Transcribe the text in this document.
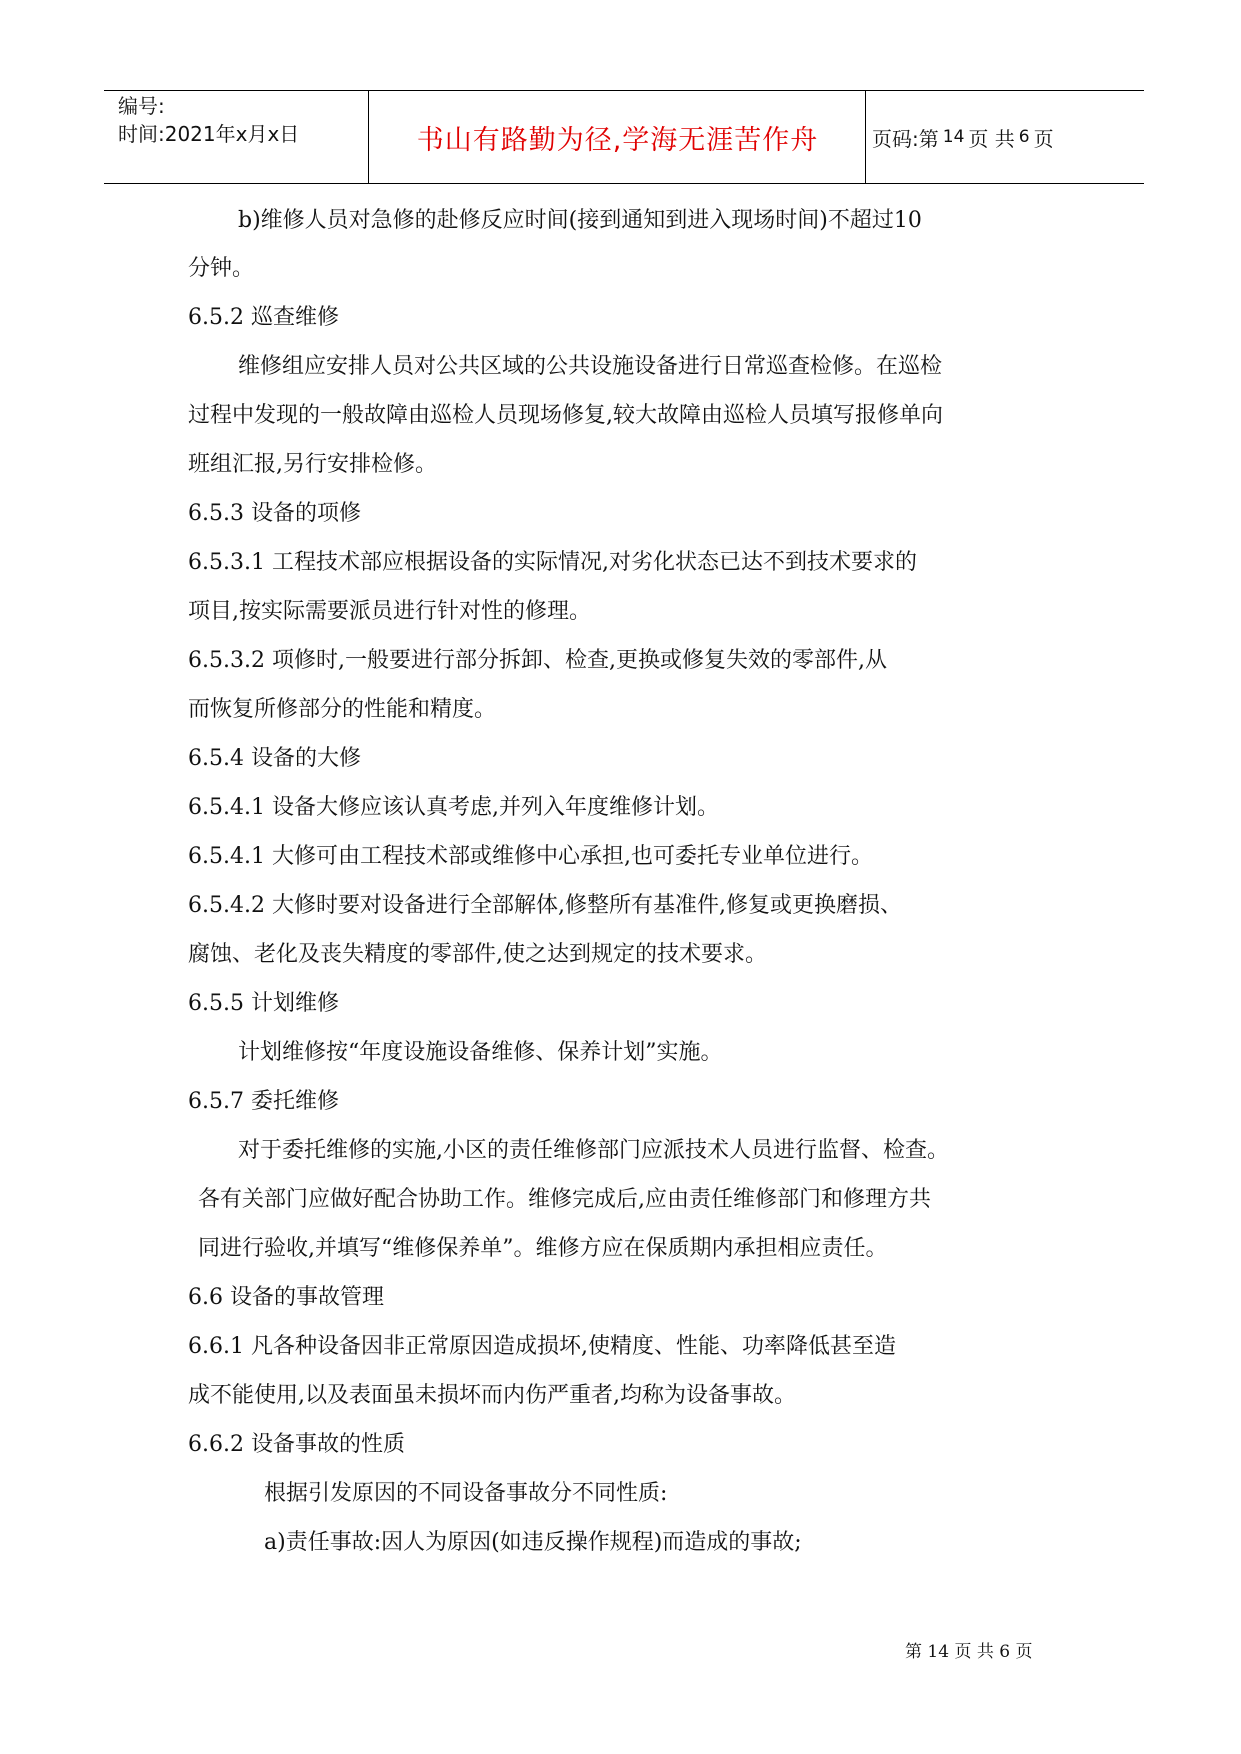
编号:
时间:2021年x月x日	书山有路勤为径,学海无涯苦作舟	页码:第 14 页 共 6 页
b)维修人员对急修的赴修反应时间(接到通知到进入现场时间)不超过10
分钟。
6.5.2 巡查维修
维修组应安排人员对公共区域的公共设施设备进行日常巡查检修。在巡检
过程中发现的一般故障由巡检人员现场修复,较大故障由巡检人员填写报修单向
班组汇报,另行安排检修。
6.5.3 设备的项修
6.5.3.1 工程技术部应根据设备的实际情况,对劣化状态已达不到技术要求的
项目,按实际需要派员进行针对性的修理。
6.5.3.2 项修时,一般要进行部分拆卸、检查,更换或修复失效的零部件,从
而恢复所修部分的性能和精度。
6.5.4 设备的大修
6.5.4.1 设备大修应该认真考虑,并列入年度维修计划。
6.5.4.1 大修可由工程技术部或维修中心承担,也可委托专业单位进行。
6.5.4.2 大修时要对设备进行全部解体,修整所有基准件,修复或更换磨损、
腐蚀、老化及丧失精度的零部件,使之达到规定的技术要求。
6.5.5 计划维修
计划维修按“年度设施设备维修、保养计划”实施。
6.5.7 委托维修
对于委托维修的实施,小区的责任维修部门应派技术人员进行监督、检查。
各有关部门应做好配合协助工作。维修完成后,应由责任维修部门和修理方共
同进行验收,并填写“维修保养单”。维修方应在保质期内承担相应责任。
6.6 设备的事故管理
6.6.1 凡各种设备因非正常原因造成损坏,使精度、性能、功率降低甚至造
成不能使用,以及表面虽未损坏而内伤严重者,均称为设备事故。
6.6.2 设备事故的性质
根据引发原因的不同设备事故分不同性质:
a)责任事故:因人为原因(如违反操作规程)而造成的事故;
第 14 页 共 6 页
